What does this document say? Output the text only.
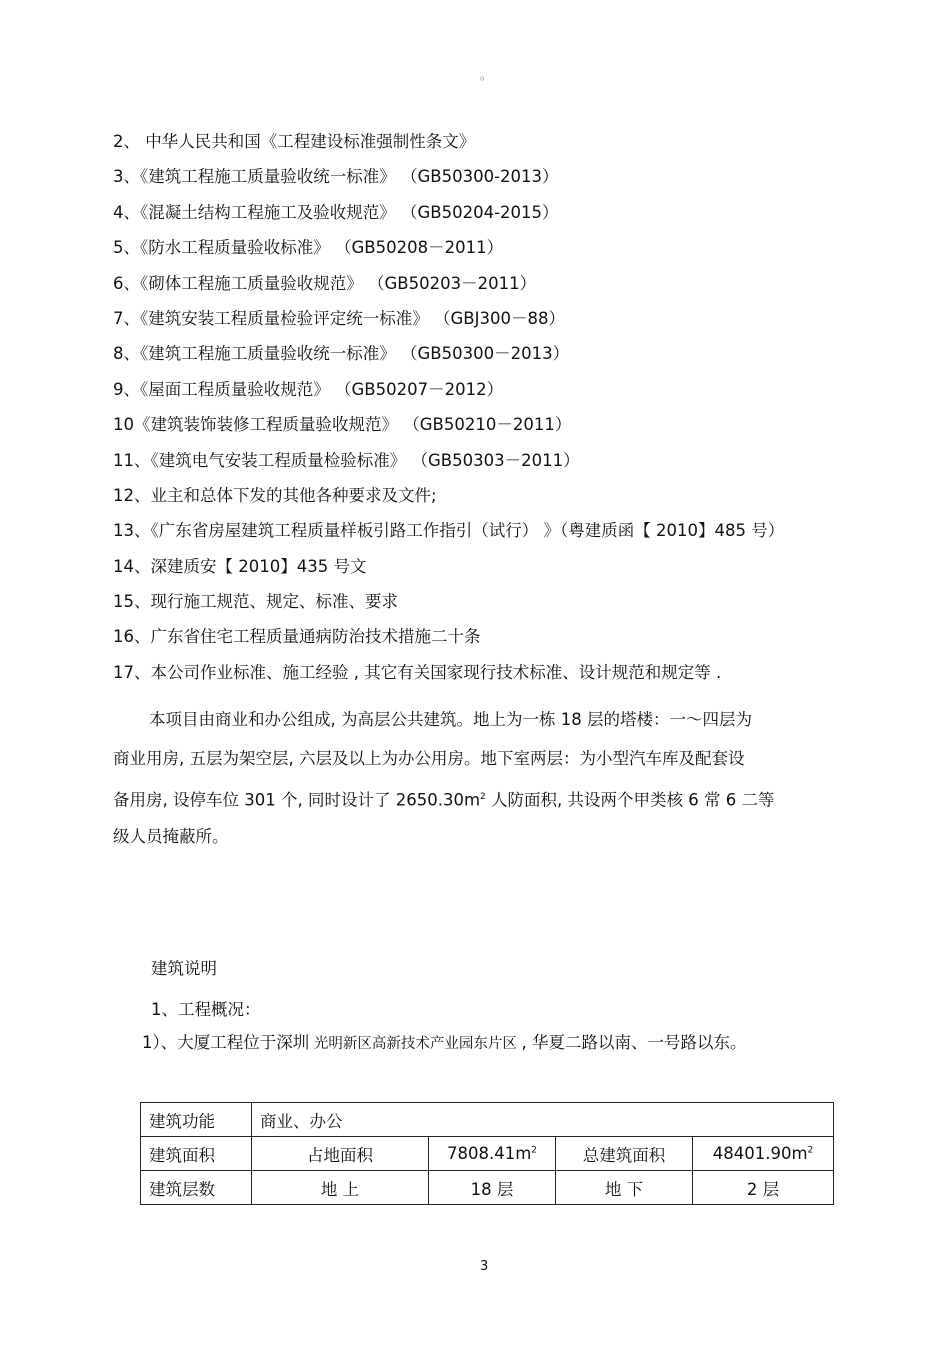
。
2、 中华人民共和国《工程建设标准强制性条文》
3、《建筑工程施工质量验收统一标准》 （GB50300-2013）
4、《混凝土结构工程施工及验收规范》 （GB50204-2015）
5、《防水工程质量验收标准》 （GB50208－2011）
6、《砌体工程施工质量验收规范》 （GB50203－2011）
7、《建筑安装工程质量检验评定统一标准》 （GBJ300－88）
8、《建筑工程施工质量验收统一标准》 （GB50300－2013）
9、《屋面工程质量验收规范》 （GB50207－2012）
10《建筑装饰装修工程质量验收规范》 （GB50210－2011）
11、《建筑电气安装工程质量检验标准》 （GB50303－2011）
12、业主和总体下发的其他各种要求及文件;
13、《广东省房屋建筑工程质量样板引路工作指引（试行） 》（粤建质函【 2010】485 号）
14、深建质安【 2010】435 号文
15、现行施工规范、规定、标准、要求
16、广东省住宅工程质量通病防治技术措施二十条
17、本公司作业标准、施工经验 , 其它有关国家现行技术标准、设计规范和规定等 .
本项目由商业和办公组成, 为高层公共建筑。地上为一栋 18 层的塔楼：一～四层为
商业用房, 五层为架空层, 六层及以上为办公用房。地下室两层：为小型汽车库及配套设
备用房, 设停车位 301 个, 同时设计了 $2650.30m^2$ 人防面积, 共设两个甲类核 6 常 6 二等
级人员掩蔽所。
建筑说明
1、工程概况：
1）、大厦工程位于深圳 光明新区高新技术产业园东片区 , 华夏二路以南、一号路以东。
建筑功能	商业、办公			
建筑面积	占地面积	$7808.41m^2$	总建筑面积	$48401.90m^2$
建筑层数	地 上	18 层	地 下	2 层
3
